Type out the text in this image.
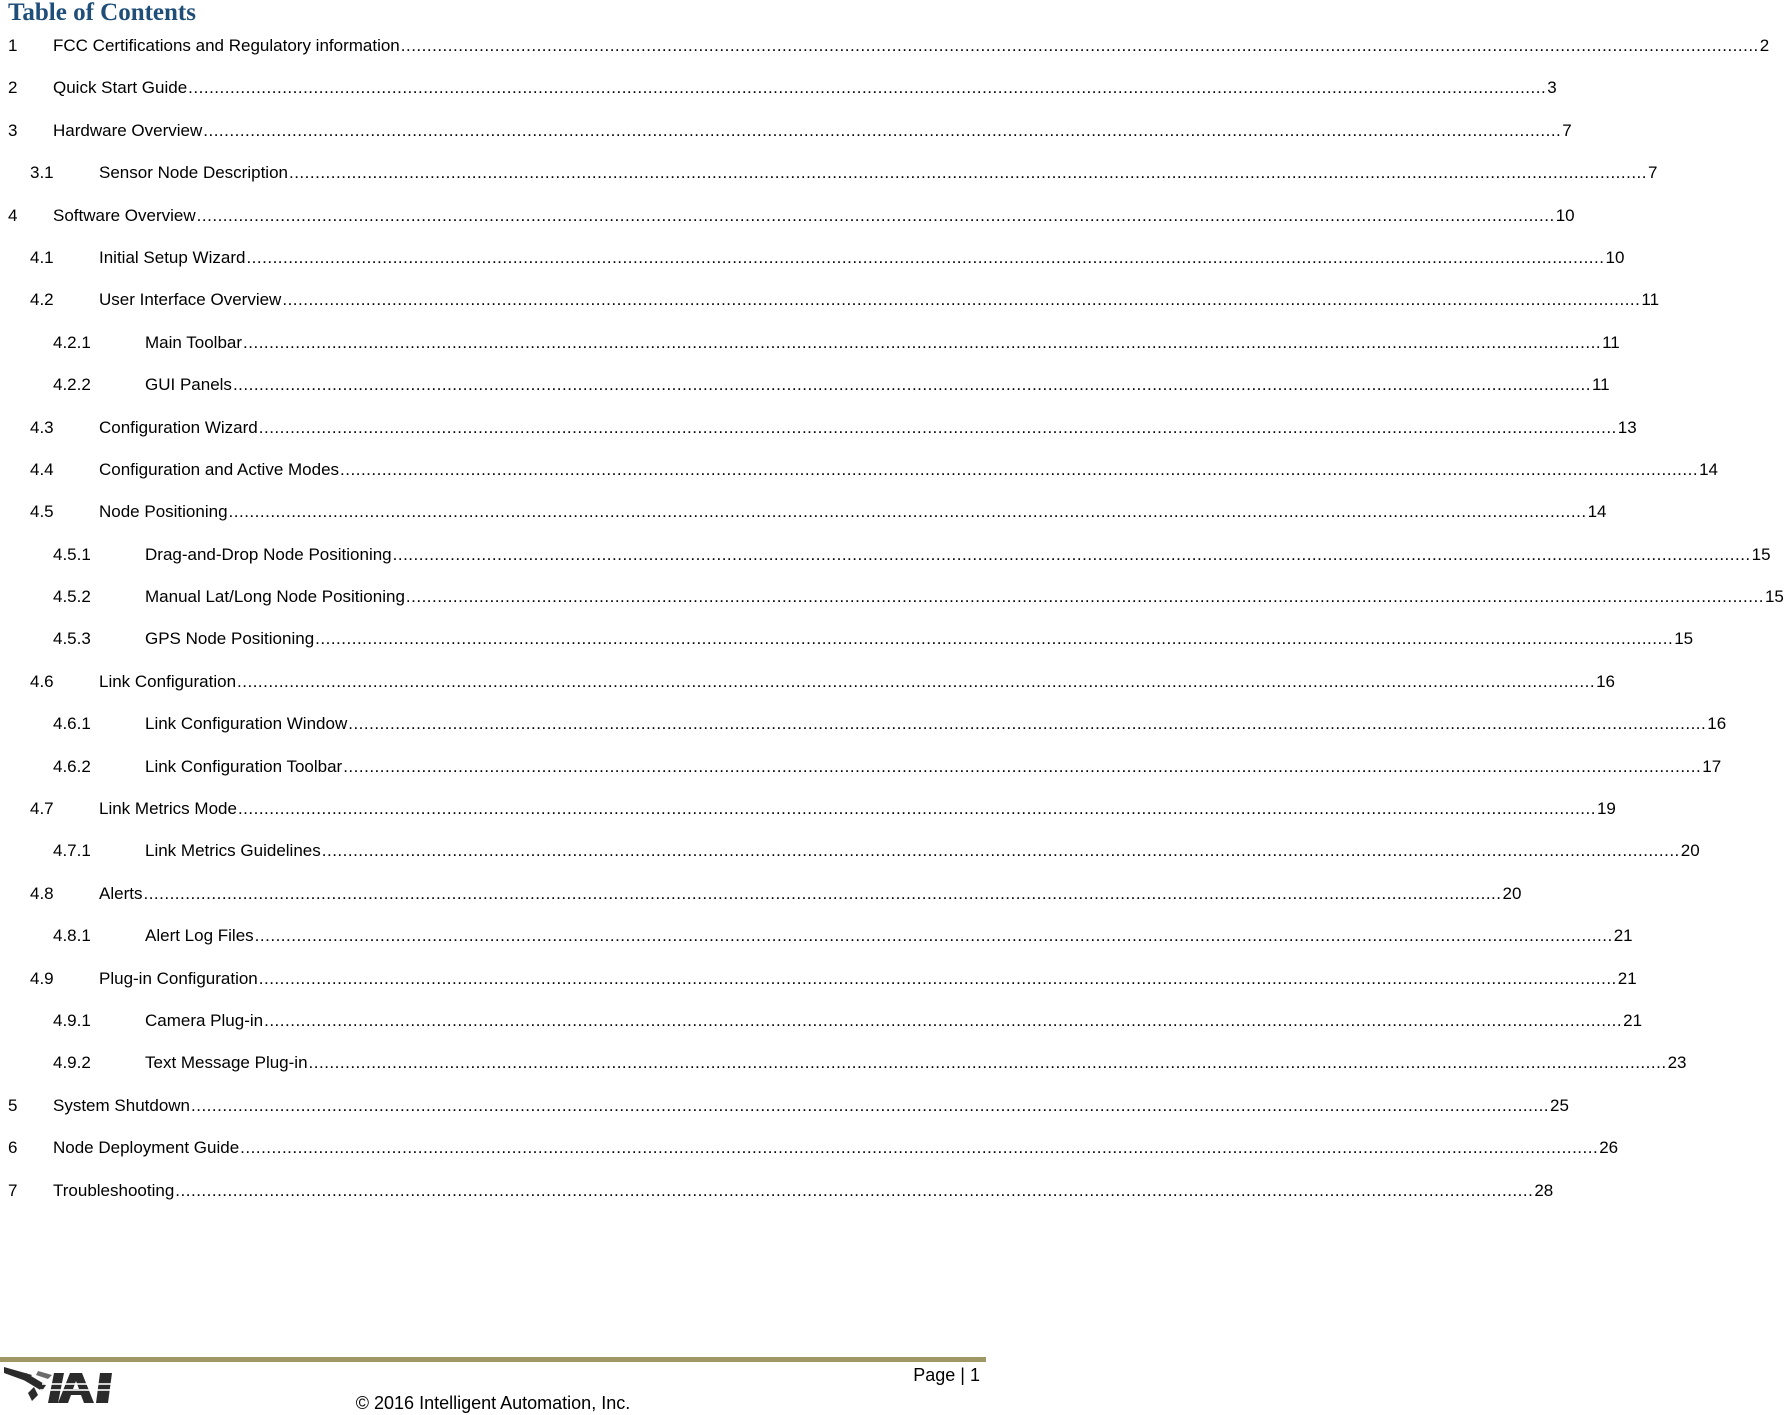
Table of Contents
1	FCC Certifications and Regulatory information .................................................................................................................................................................................................................................................................... 2
2	Quick Start Guide .................................................................................................................................................................................................................................................................... 3
3	Hardware Overview .................................................................................................................................................................................................................................................................... 7
3.1	Sensor Node Description .................................................................................................................................................................................................................................................................... 7
4	Software Overview .................................................................................................................................................................................................................................................................... 10
4.1	Initial Setup Wizard .................................................................................................................................................................................................................................................................... 10
4.2	User Interface Overview .................................................................................................................................................................................................................................................................... 11
4.2.1	Main Toolbar .................................................................................................................................................................................................................................................................... 11
4.2.2	GUI Panels .................................................................................................................................................................................................................................................................... 11
4.3	Configuration Wizard .................................................................................................................................................................................................................................................................... 13
4.4	Configuration and Active Modes .................................................................................................................................................................................................................................................................... 14
4.5	Node Positioning .................................................................................................................................................................................................................................................................... 14
4.5.1	Drag-and-Drop Node Positioning .................................................................................................................................................................................................................................................................... 15
4.5.2	Manual Lat/Long Node Positioning .................................................................................................................................................................................................................................................................... 15
4.5.3	GPS Node Positioning .................................................................................................................................................................................................................................................................... 15
4.6	Link Configuration .................................................................................................................................................................................................................................................................... 16
4.6.1	Link Configuration Window .................................................................................................................................................................................................................................................................... 16
4.6.2	Link Configuration Toolbar .................................................................................................................................................................................................................................................................... 17
4.7	Link Metrics Mode .................................................................................................................................................................................................................................................................... 19
4.7.1	Link Metrics Guidelines .................................................................................................................................................................................................................................................................... 20
4.8	Alerts .................................................................................................................................................................................................................................................................... 20
4.8.1	Alert Log Files .................................................................................................................................................................................................................................................................... 21
4.9	Plug-in Configuration .................................................................................................................................................................................................................................................................... 21
4.9.1	Camera Plug-in .................................................................................................................................................................................................................................................................... 21
4.9.2	Text Message Plug-in .................................................................................................................................................................................................................................................................... 23
5	System Shutdown .................................................................................................................................................................................................................................................................... 25
6	Node Deployment Guide .................................................................................................................................................................................................................................................................... 26
7	Troubleshooting .................................................................................................................................................................................................................................................................... 28
Page | 1
© 2016 Intelligent Automation, Inc.
